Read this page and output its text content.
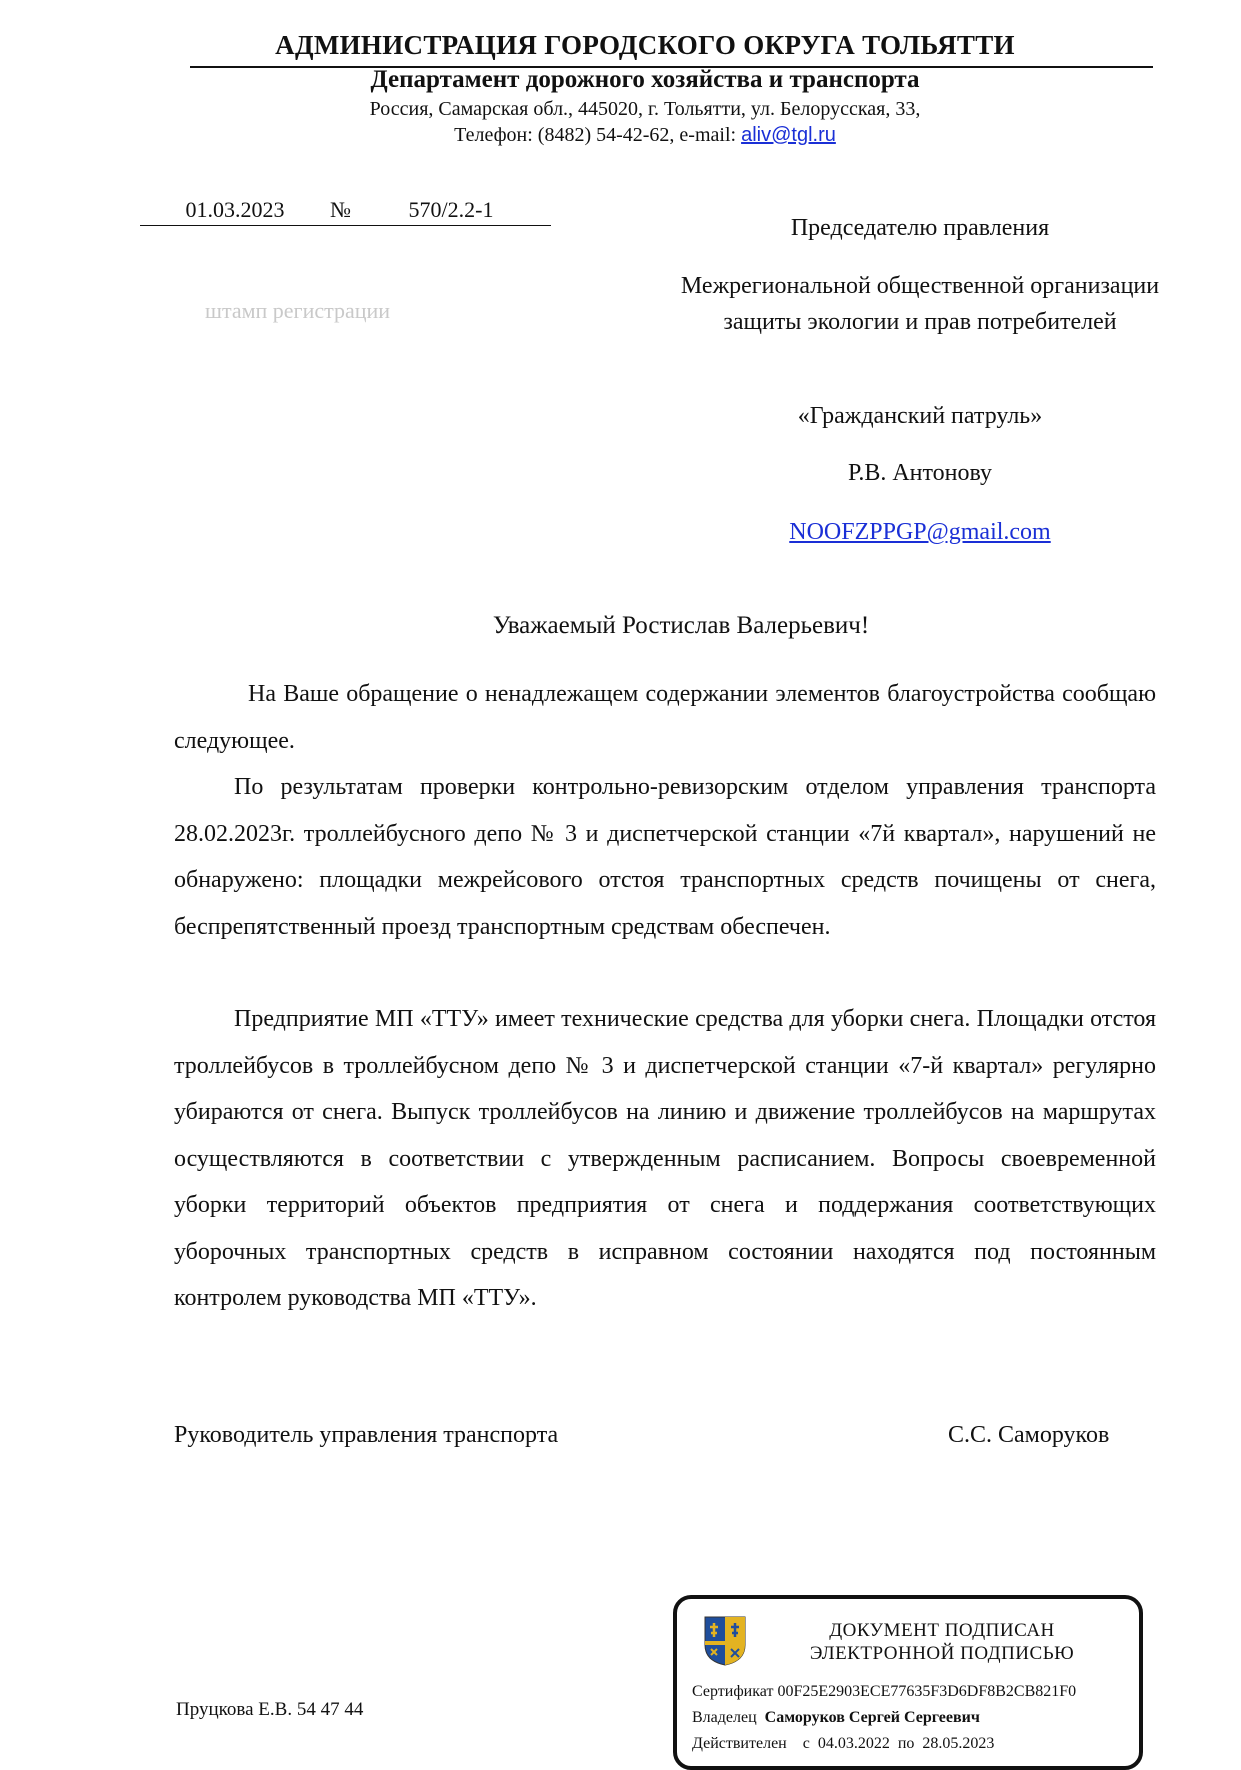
АДМИНИСТРАЦИЯ ГОРОДСКОГО ОКРУГА ТОЛЬЯТТИ
Департамент дорожного хозяйства и транспорта
Россия, Самарская обл., 445020, г. Тольятти, ул. Белорусская, 33,
Телефон: (8482) 54-42-62, e-mail: aliv@tgl.ru
01.03.2023 №	570/2.2-1
штамп регистрации
Председателю правления
Межрегиональной общественной организации защиты экологии и прав потребителей
«Гражданский патруль»
Р.В. Антонову
NOOFZPPGP@gmail.com
Уважаемый Ростислав Валерьевич!
На Ваше обращение о ненадлежащем содержании элементов благоустройства сообщаю следующее.
По результатам проверки контрольно-ревизорским отделом управления транспорта 28.02.2023г. троллейбусного депо № 3 и диспетчерской станции «7й квартал», нарушений не обнаружено: площадки межрейсового отстоя транспортных средств почищены от снега, беспрепятственный проезд транспортным средствам обеспечен.
Предприятие МП «ТТУ» имеет технические средства для уборки снега. Площадки отстоя троллейбусов в троллейбусном депо № 3 и диспетчерской станции «7-й квартал» регулярно убираются от снега. Выпуск троллейбусов на линию и движение троллейбусов на маршрутах осуществляются в соответствии с утвержденным расписанием. Вопросы своевременной уборки территорий объектов предприятия от снега и поддержания соответствующих уборочных транспортных средств в исправном состоянии находятся под постоянным контролем руководства МП «ТТУ».
Руководитель управления транспорта	С.С. Саморуков
Пруцкова Е.В. 54 47 44
ДОКУМЕНТ ПОДПИСАН
ЭЛЕКТРОННОЙ ПОДПИСЬЮ
Сертификат 00F25E2903ECE77635F3D6DF8B2CB821F0
Владелец Саморуков Сергей Сергеевич
Действителен с 04.03.2022 по 28.05.2023
